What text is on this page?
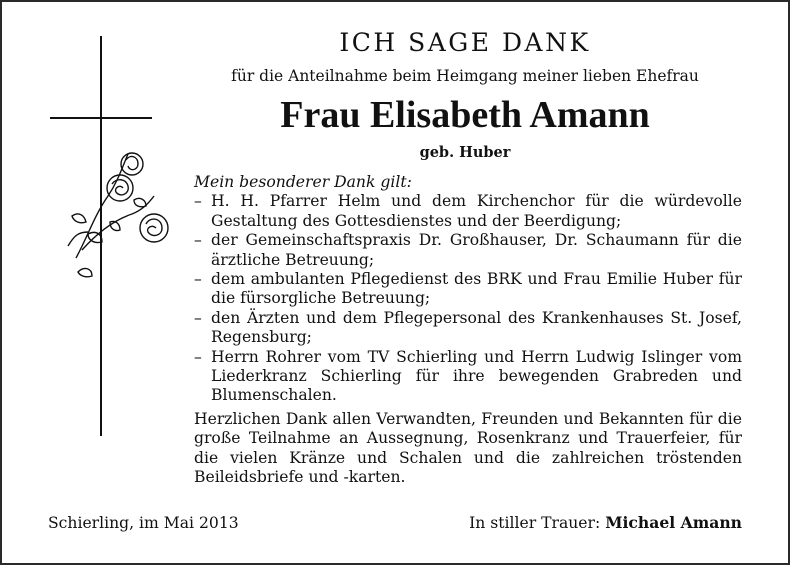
ICH SAGE DANK
für die Anteilnahme beim Heimgang meiner lieben Ehefrau
Frau Elisabeth Amann
geb. Huber
Mein besonderer Dank gilt:
– H. H. Pfarrer Helm und dem Kirchenchor für die würdevolle Gestaltung des Gottesdienstes und der Beerdigung;
– der Gemeinschaftspraxis Dr. Großhauser, Dr. Schaumann für die ärztliche Betreuung;
– dem ambulanten Pflegedienst des BRK und Frau Emilie Huber für die fürsorgliche Betreuung;
– den Ärzten und dem Pflegepersonal des Krankenhauses St. Josef, Regensburg;
– Herrn Rohrer vom TV Schierling und Herrn Ludwig Islinger vom Liederkranz Schierling für ihre bewegenden Grabreden und Blumenschalen.
Herzlichen Dank allen Verwandten, Freunden und Bekannten für die große Teilnahme an Aussegnung, Rosenkranz und Trauerfeier, für die vielen Kränze und Schalen und die zahlreichen tröstenden Beileidsbriefe und -karten.
Schierling, im Mai 2013	In stiller Trauer: Michael Amann
